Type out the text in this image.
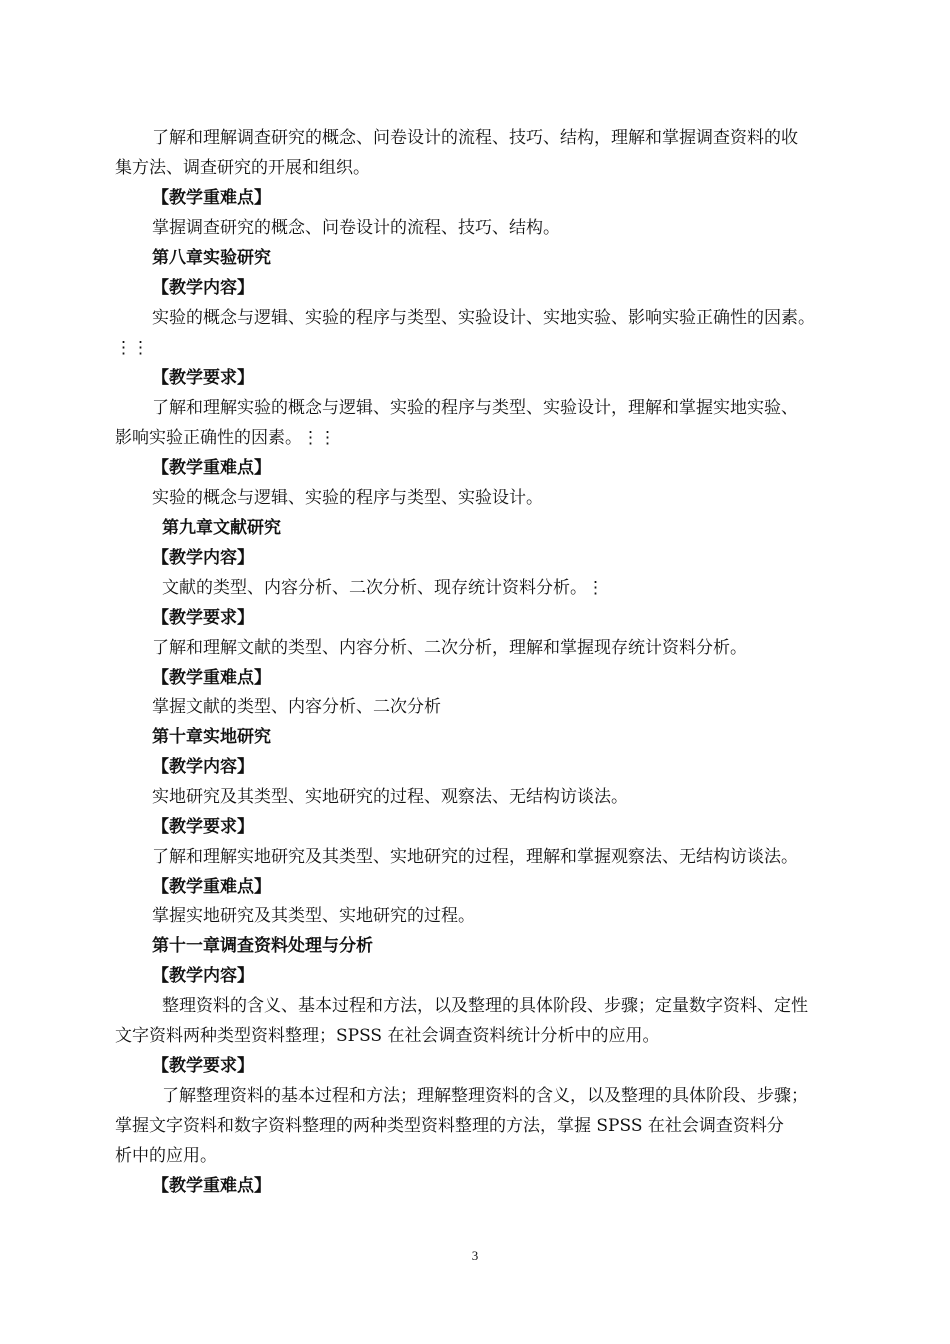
了解和理解调查研究的概念、问卷设计的流程、技巧、结构，理解和掌握调查资料的收
集方法、调查研究的开展和组织。
【教学重难点】
掌握调查研究的概念、问卷设计的流程、技巧、结构。
第八章实验研究
【教学内容】
实验的概念与逻辑、实验的程序与类型、实验设计、实地实验、影响实验正确性的因素。
⋮⋮
【教学要求】
了解和理解实验的概念与逻辑、实验的程序与类型、实验设计，理解和掌握实地实验、
影响实验正确性的因素。⋮⋮
【教学重难点】
实验的概念与逻辑、实验的程序与类型、实验设计。
第九章文献研究
【教学内容】
文献的类型、内容分析、二次分析、现存统计资料分析。⋮
【教学要求】
了解和理解文献的类型、内容分析、二次分析，理解和掌握现存统计资料分析。
【教学重难点】
掌握文献的类型、内容分析、二次分析
第十章实地研究
【教学内容】
实地研究及其类型、实地研究的过程、观察法、无结构访谈法。
【教学要求】
了解和理解实地研究及其类型、实地研究的过程，理解和掌握观察法、无结构访谈法。
【教学重难点】
掌握实地研究及其类型、实地研究的过程。
第十一章调查资料处理与分析
【教学内容】
整理资料的含义、基本过程和方法，以及整理的具体阶段、步骤；定量数字资料、定性
文字资料两种类型资料整理；SPSS 在社会调查资料统计分析中的应用。
【教学要求】
了解整理资料的基本过程和方法；理解整理资料的含义，以及整理的具体阶段、步骤；
掌握文字资料和数字资料整理的两种类型资料整理的方法，掌握 SPSS 在社会调查资料分
析中的应用。
【教学重难点】
3
